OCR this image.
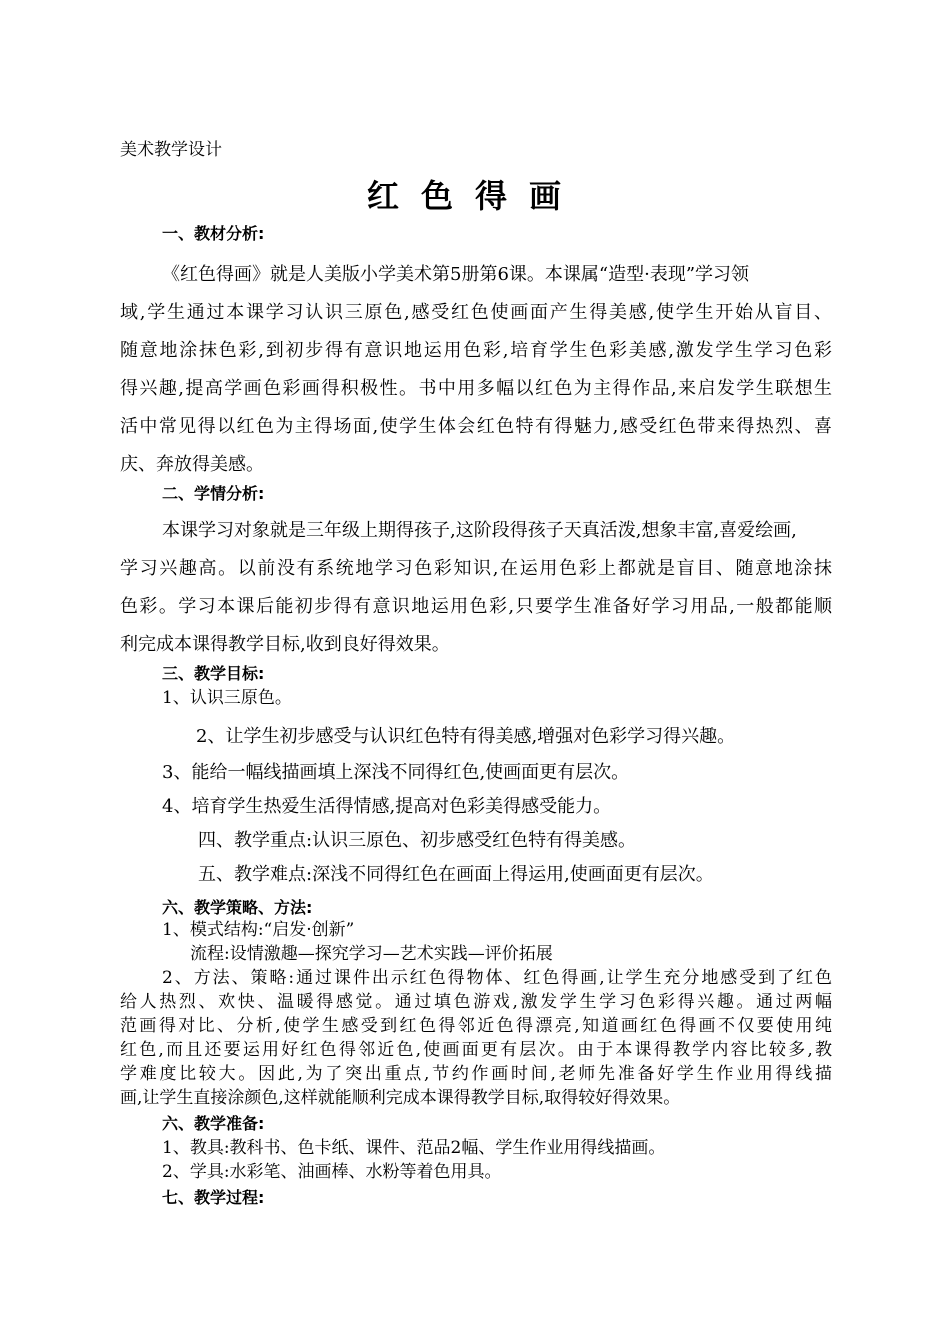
美术教学设计
红色得画
一、教材分析:
《红色得画》就是人美版小学美术第5册第6课。本课属“造型·表现”学习领
域,学生通过本课学习认识三原色,感受红色使画面产生得美感,使学生开始从盲目、
随意地涂抹色彩,到初步得有意识地运用色彩,培育学生色彩美感,激发学生学习色彩
得兴趣,提高学画色彩画得积极性。书中用多幅以红色为主得作品,来启发学生联想生
活中常见得以红色为主得场面,使学生体会红色特有得魅力,感受红色带来得热烈、喜
庆、奔放得美感。
二、学情分析:
本课学习对象就是三年级上期得孩子,这阶段得孩子天真活泼,想象丰富,喜爱绘画,
学习兴趣高。以前没有系统地学习色彩知识,在运用色彩上都就是盲目、随意地涂抹
色彩。学习本课后能初步得有意识地运用色彩,只要学生准备好学习用品,一般都能顺
利完成本课得教学目标,收到良好得效果。
三、教学目标:
1、认识三原色。
2、让学生初步感受与认识红色特有得美感,增强对色彩学习得兴趣。
3、能给一幅线描画填上深浅不同得红色,使画面更有层次。
4、培育学生热爱生活得情感,提高对色彩美得感受能力。
四、教学重点:认识三原色、初步感受红色特有得美感。
五、教学难点:深浅不同得红色在画面上得运用,使画面更有层次。
六、教学策略、方法:
1、模式结构:“启发·创新”
流程:设情激趣—探究学习—艺术实践—评价拓展
2、方法、策略:通过课件出示红色得物体、红色得画,让学生充分地感受到了红色
给人热烈、欢快、温暖得感觉。通过填色游戏,激发学生学习色彩得兴趣。通过两幅
范画得对比、分析,使学生感受到红色得邻近色得漂亮,知道画红色得画不仅要使用纯
红色,而且还要运用好红色得邻近色,使画面更有层次。由于本课得教学内容比较多,教
学难度比较大。因此,为了突出重点,节约作画时间,老师先准备好学生作业用得线描
画,让学生直接涂颜色,这样就能顺利完成本课得教学目标,取得较好得效果。
六、教学准备:
1、教具:教科书、色卡纸、课件、范品2幅、学生作业用得线描画。
2、学具:水彩笔、油画棒、水粉等着色用具。
七、教学过程:
